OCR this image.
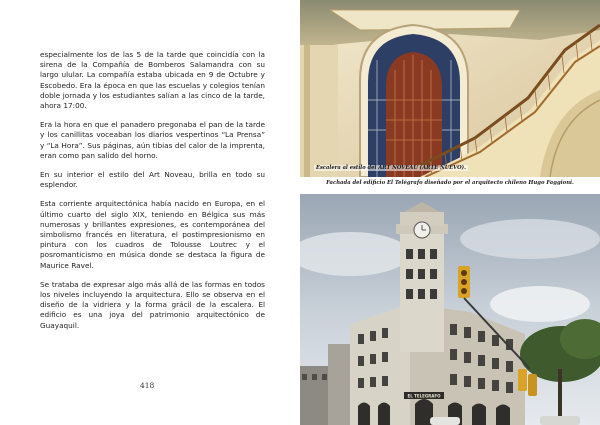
especialmente los de las 5 de la tarde que coincidía con la sirena de la Compañía de Bomberos Salamandra con su largo ulular. La compañía estaba ubicada en 9 de Octubre y Escobedo. Era la época en que las escuelas y colegios tenían doble jornada y los estudiantes salían a las cinco de la tarde, ahora 17:00.

Era la hora en que el panadero pregonaba el pan de la tarde y los canillitas voceaban los diarios vespertinos “La Prensa” y “La Hora”. Sus páginas, aún tibias del calor de la imprenta, eran como pan salido del horno.

En su interior el estilo del Art Noveau, brilla en todo su esplendor.

Esta corriente arquitectónica había nacido en Europa, en el último cuarto del siglo XIX, teniendo en Bélgica sus más numerosas y brillantes expresiones, es contemporánea del simbolismo francés en literatura, el postimpresionismo en pintura con los cuadros de Tolousse Loutrec y el posromanticismo en música donde se destaca la figura de Maurice Ravel.

Se trataba de expresar algo más allá de las formas en todos los niveles incluyendo la arquitectura. Ello se observa en el diseño de la vidriera y la forma grácil de la escalera. El edificio es una joya del patrimonio arquitectónico de Guayaquil.

418
Escalera al estilo del ART NOVEAU (ARTE NUEVO).
Fachada del edificio El Telégrafo diseñado por el arquitecto chileno Hugo Faggioni.
EL TELEGRAFO
